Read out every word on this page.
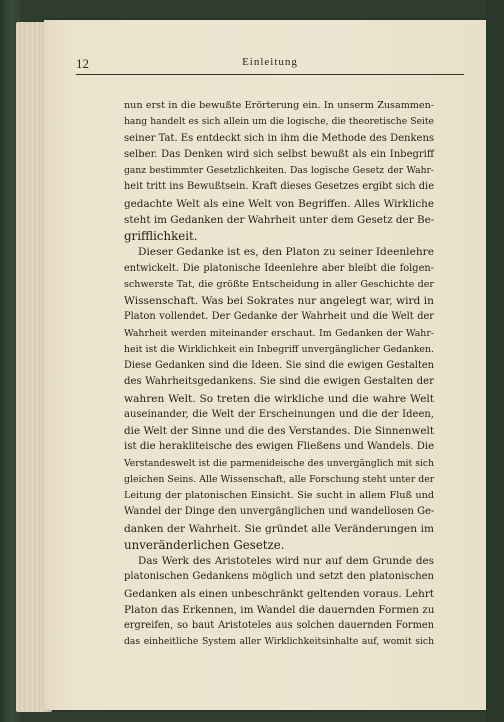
12	Einleitung
nun erst in die bewußte Erörterung ein. In unserm Zusammen-
hang handelt es sich allein um die logische, die theoretische Seite
seiner Tat. Es entdeckt sich in ihm die Methode des Denkens
selber. Das Denken wird sich selbst bewußt als ein Inbegriff
ganz bestimmter Gesetzlichkeiten. Das logische Gesetz der Wahr-
heit tritt ins Bewußtsein. Kraft dieses Gesetzes ergibt sich die
gedachte Welt als eine Welt von Begriffen. Alles Wirkliche
steht im Gedanken der Wahrheit unter dem Gesetz der Be-
grifflichkeit.
Dieser Gedanke ist es, den Platon zu seiner Ideenlehre
entwickelt. Die platonische Ideenlehre aber bleibt die folgen-
schwerste Tat, die größte Entscheidung in aller Geschichte der
Wissenschaft. Was bei Sokrates nur angelegt war, wird in
Platon vollendet. Der Gedanke der Wahrheit und die Welt der
Wahrheit werden miteinander erschaut. Im Gedanken der Wahr-
heit ist die Wirklichkeit ein Inbegriff unvergänglicher Gedanken.
Diese Gedanken sind die Ideen. Sie sind die ewigen Gestalten
des Wahrheitsgedankens. Sie sind die ewigen Gestalten der
wahren Welt. So treten die wirkliche und die wahre Welt
auseinander, die Welt der Erscheinungen und die der Ideen,
die Welt der Sinne und die des Verstandes. Die Sinnenwelt
ist die herakliteische des ewigen Fließens und Wandels. Die
Verstandeswelt ist die parmenideische des unvergänglich mit sich
gleichen Seins. Alle Wissenschaft, alle Forschung steht unter der
Leitung der platonischen Einsicht. Sie sucht in allem Fluß und
Wandel der Dinge den unvergänglichen und wandellosen Ge-
danken der Wahrheit. Sie gründet alle Veränderungen im
unveränderlichen Gesetze.
Das Werk des Aristoteles wird nur auf dem Grunde des
platonischen Gedankens möglich und setzt den platonischen
Gedanken als einen unbeschränkt geltenden voraus. Lehrt
Platon das Erkennen, im Wandel die dauernden Formen zu
ergreifen, so baut Aristoteles aus solchen dauernden Formen
das einheitliche System aller Wirklichkeitsinhalte auf, womit sich
